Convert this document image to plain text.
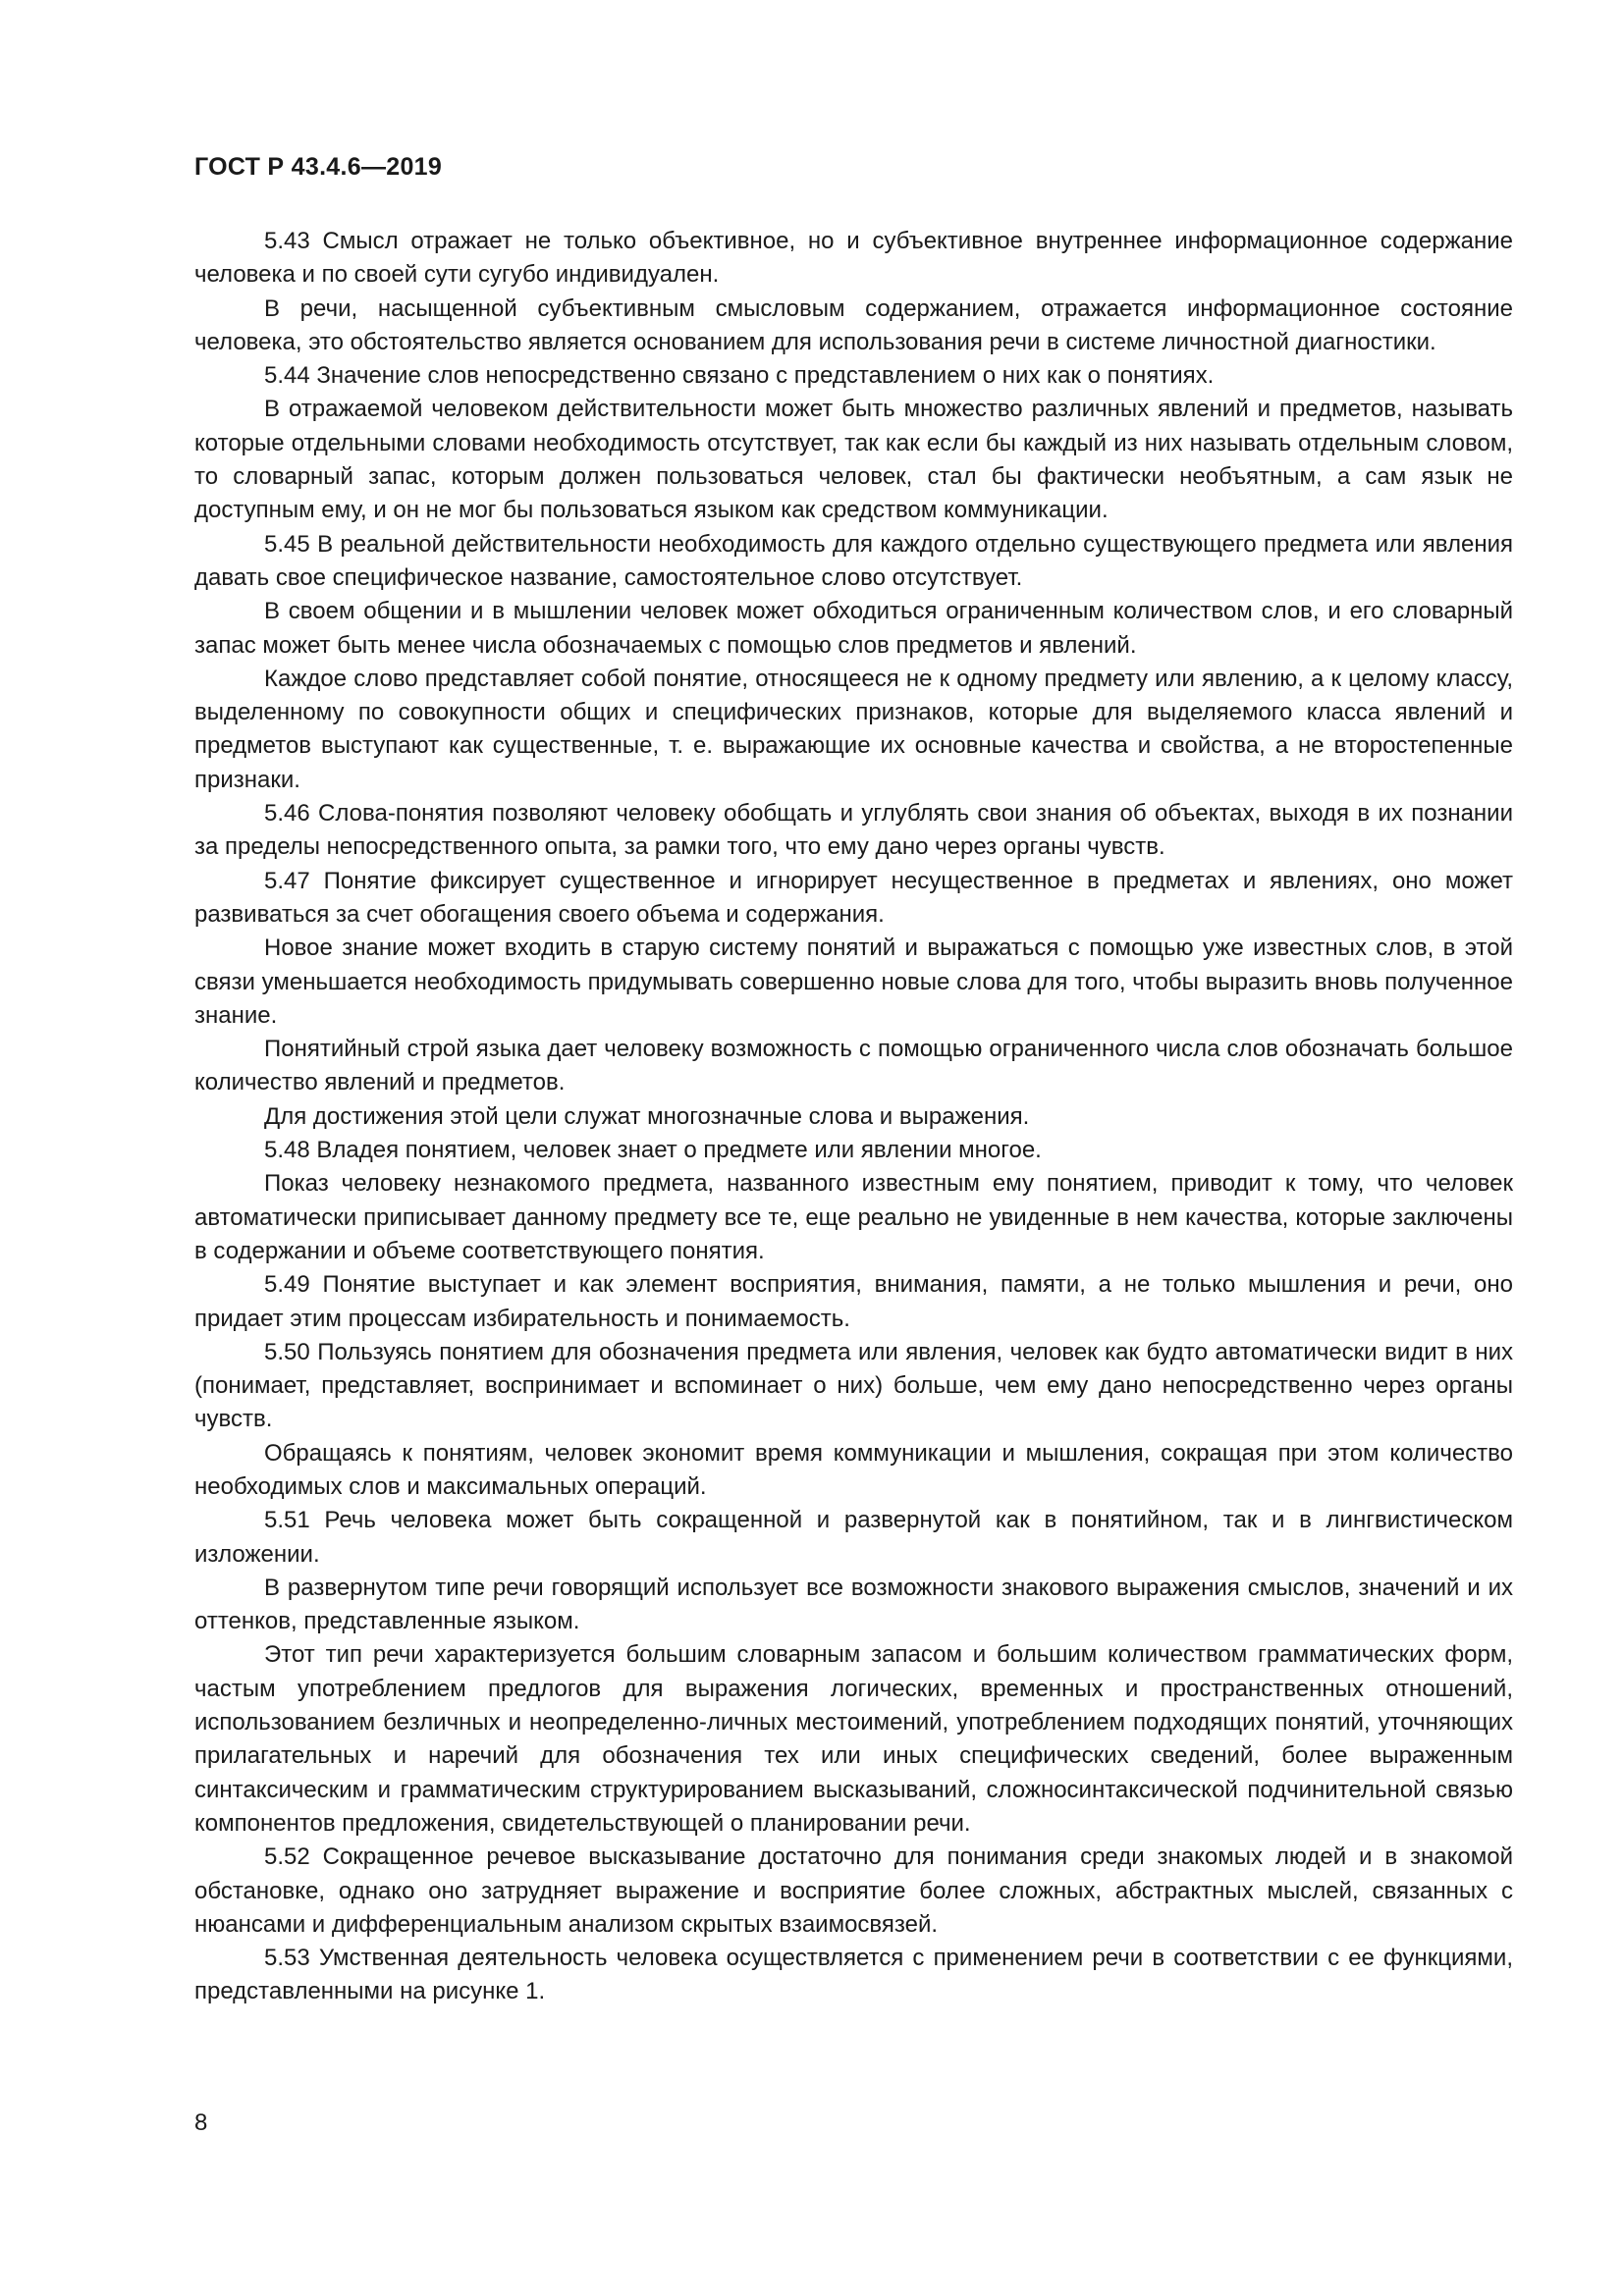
ГОСТ Р 43.4.6—2019

5.43 Смысл отражает не только объективное, но и субъективное внутреннее информационное содержание человека и по своей сути сугубо индивидуален.

В речи, насыщенной субъективным смысловым содержанием, отражается информационное состояние человека, это обстоятельство является основанием для использования речи в системе личностной диагностики.

5.44 Значение слов непосредственно связано с представлением о них как о понятиях.

В отражаемой человеком действительности может быть множество различных явлений и предметов, называть которые отдельными словами необходимость отсутствует, так как если бы каждый из них называть отдельным словом, то словарный запас, которым должен пользоваться человек, стал бы фактически необъятным, а сам язык не доступным ему, и он не мог бы пользоваться языком как средством коммуникации.

5.45 В реальной действительности необходимость для каждого отдельно существующего предмета или явления давать свое специфическое название, самостоятельное слово отсутствует.

В своем общении и в мышлении человек может обходиться ограниченным количеством слов, и его словарный запас может быть менее числа обозначаемых с помощью слов предметов и явлений.

Каждое слово представляет собой понятие, относящееся не к одному предмету или явлению, а к целому классу, выделенному по совокупности общих и специфических признаков, которые для выделяемого класса явлений и предметов выступают как существенные, т. е. выражающие их основные качества и свойства, а не второстепенные признаки.

5.46 Слова-понятия позволяют человеку обобщать и углублять свои знания об объектах, выходя в их познании за пределы непосредственного опыта, за рамки того, что ему дано через органы чувств.

5.47 Понятие фиксирует существенное и игнорирует несущественное в предметах и явлениях, оно может развиваться за счет обогащения своего объема и содержания.

Новое знание может входить в старую систему понятий и выражаться с помощью уже известных слов, в этой связи уменьшается необходимость придумывать совершенно новые слова для того, чтобы выразить вновь полученное знание.

Понятийный строй языка дает человеку возможность с помощью ограниченного числа слов обозначать большое количество явлений и предметов.

Для достижения этой цели служат многозначные слова и выражения.

5.48 Владея понятием, человек знает о предмете или явлении многое.

Показ человеку незнакомого предмета, названного известным ему понятием, приводит к тому, что человек автоматически приписывает данному предмету все те, еще реально не увиденные в нем качества, которые заключены в содержании и объеме соответствующего понятия.

5.49 Понятие выступает и как элемент восприятия, внимания, памяти, а не только мышления и речи, оно придает этим процессам избирательность и понимаемость.

5.50 Пользуясь понятием для обозначения предмета или явления, человек как будто автоматически видит в них (понимает, представляет, воспринимает и вспоминает о них) больше, чем ему дано непосредственно через органы чувств.

Обращаясь к понятиям, человек экономит время коммуникации и мышления, сокращая при этом количество необходимых слов и максимальных операций.

5.51 Речь человека может быть сокращенной и развернутой как в понятийном, так и в лингвистическом изложении.

В развернутом типе речи говорящий использует все возможности знакового выражения смыслов, значений и их оттенков, представленные языком.

Этот тип речи характеризуется большим словарным запасом и большим количеством грамматических форм, частым употреблением предлогов для выражения логических, временных и пространственных отношений, использованием безличных и неопределенно-личных местоимений, употреблением подходящих понятий, уточняющих прилагательных и наречий для обозначения тех или иных специфических сведений, более выраженным синтаксическим и грамматическим структурированием высказываний, сложносинтаксической подчинительной связью компонентов предложения, свидетельствующей о планировании речи.

5.52 Сокращенное речевое высказывание достаточно для понимания среди знакомых людей и в знакомой обстановке, однако оно затрудняет выражение и восприятие более сложных, абстрактных мыслей, связанных с нюансами и дифференциальным анализом скрытых взаимосвязей.

5.53 Умственная деятельность человека осуществляется с применением речи в соответствии с ее функциями, представленными на рисунке 1.

8
